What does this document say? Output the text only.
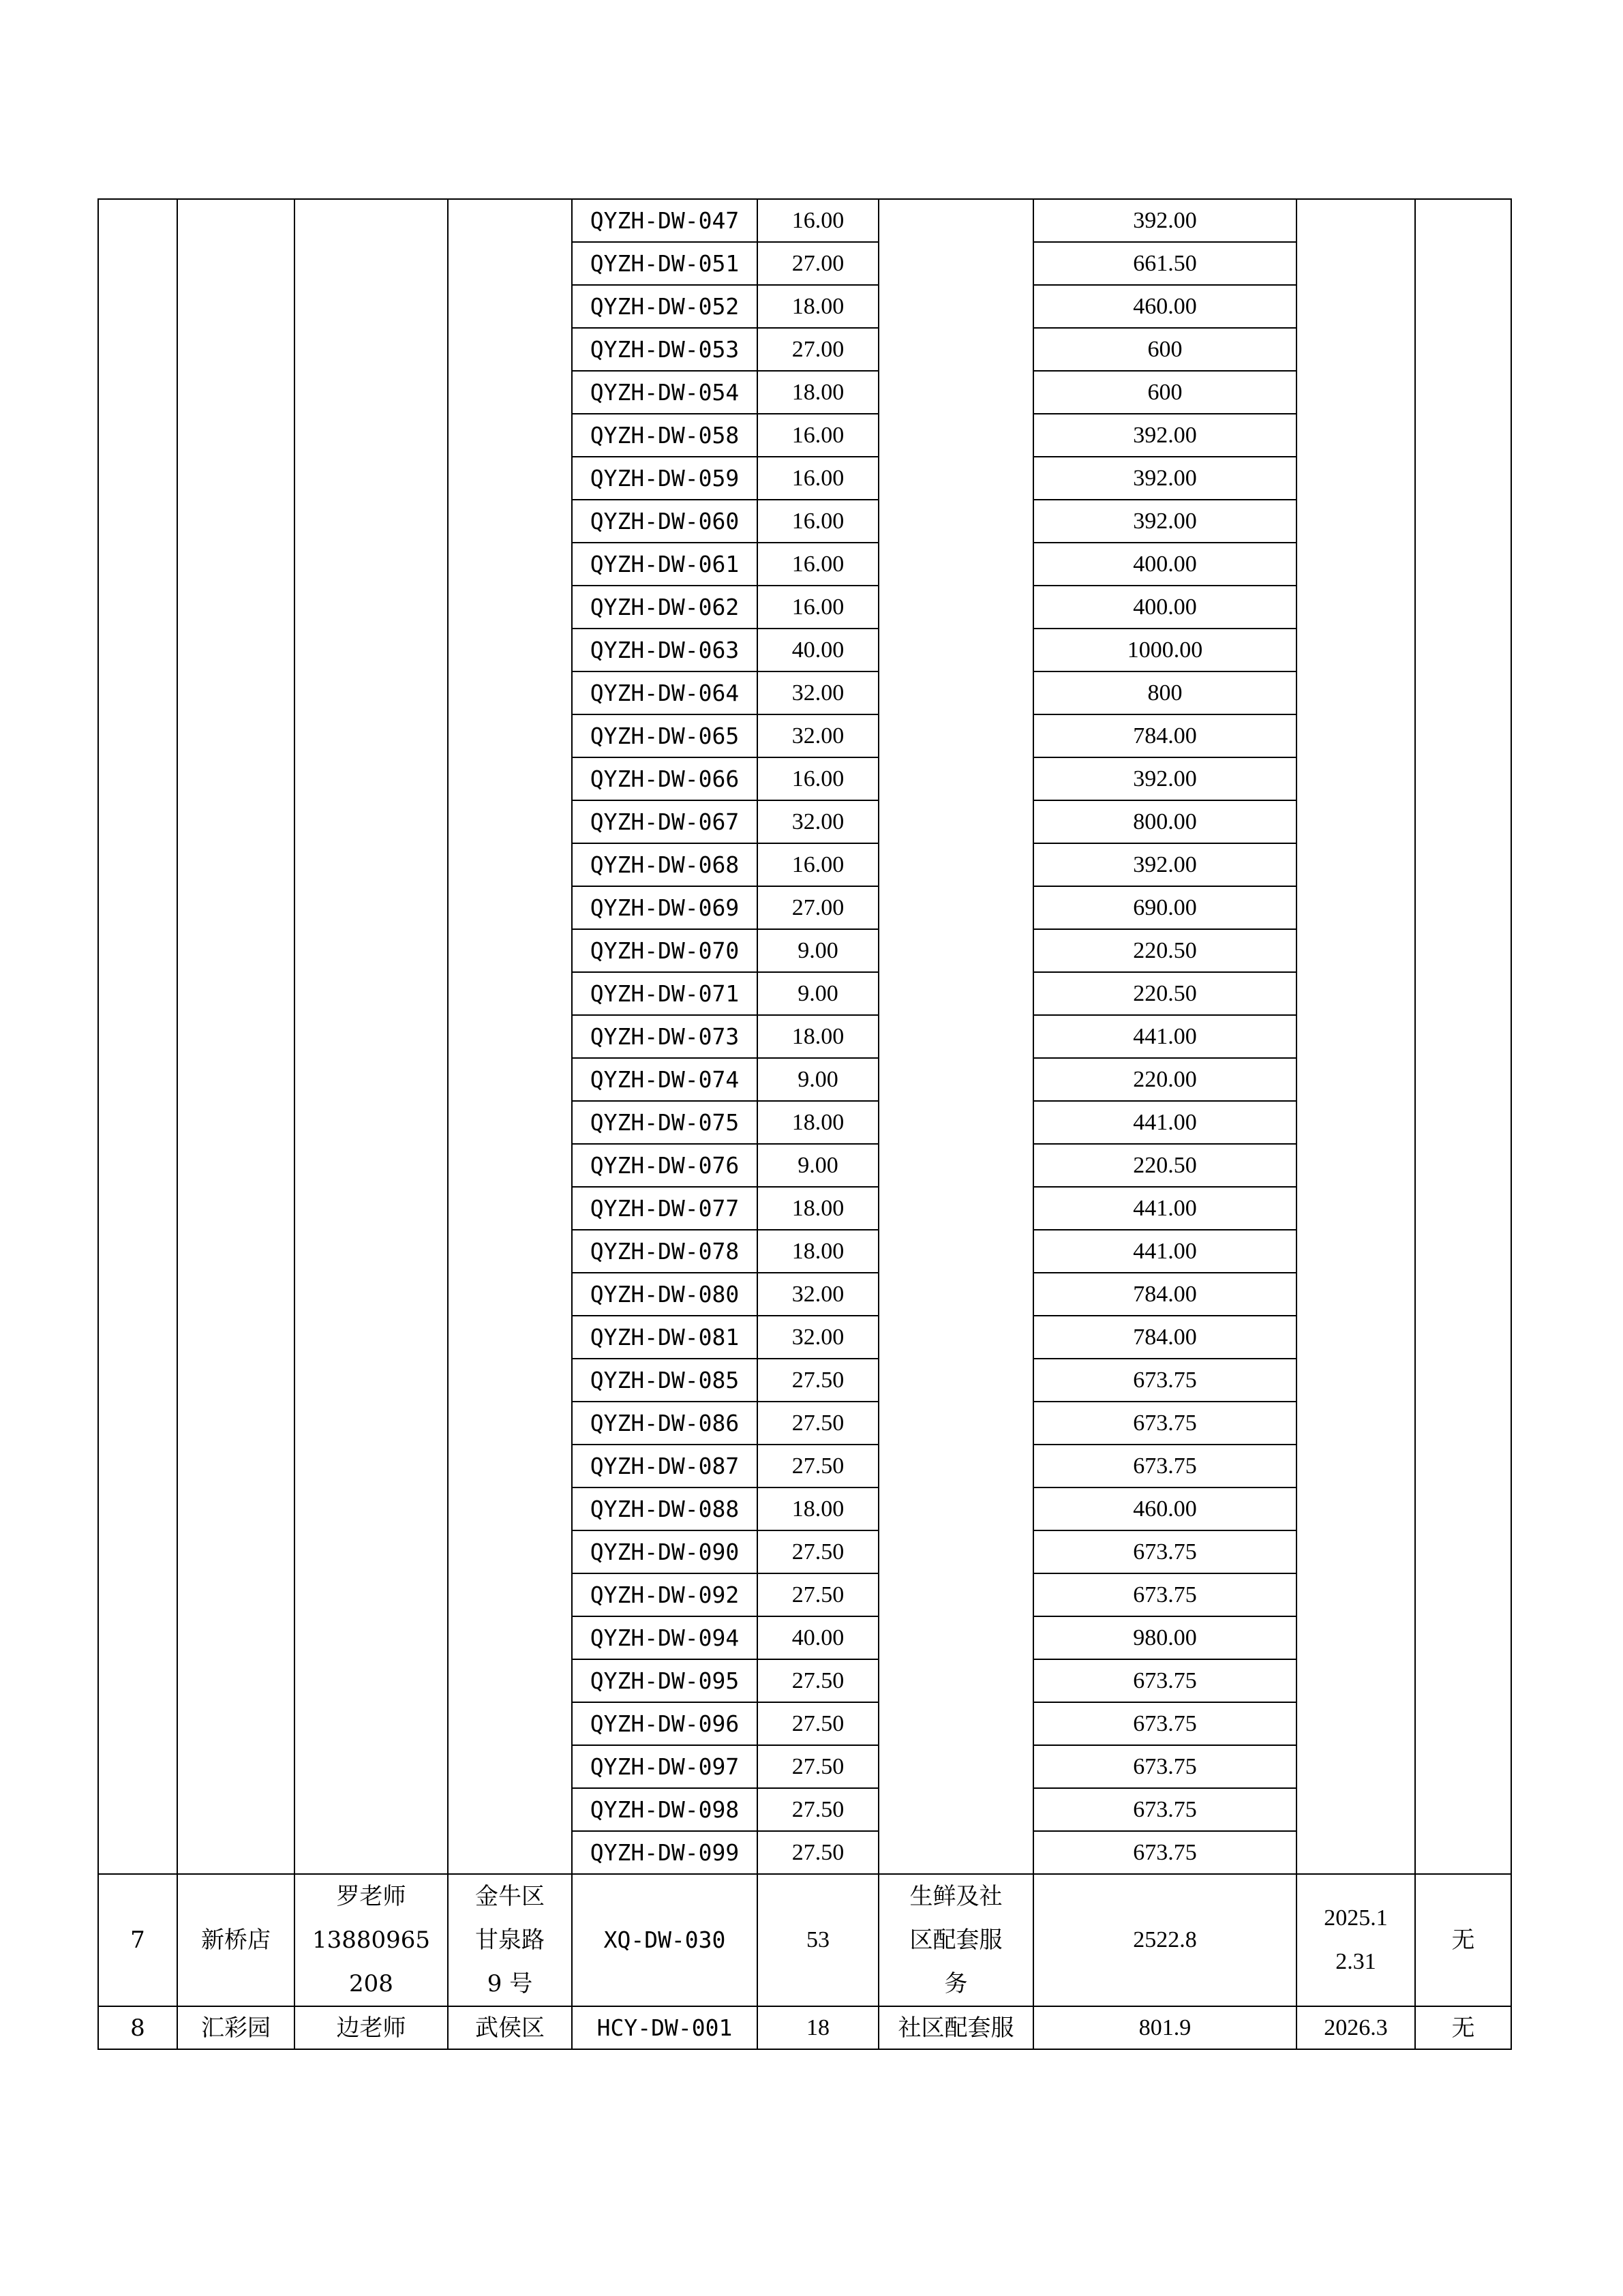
				QYZH-DW-047	16.00		392.00		
				QYZH-DW-051	27.00		661.50		
				QYZH-DW-052	18.00		460.00		
				QYZH-DW-053	27.00		600		
				QYZH-DW-054	18.00		600		
				QYZH-DW-058	16.00		392.00		
				QYZH-DW-059	16.00		392.00		
				QYZH-DW-060	16.00		392.00		
				QYZH-DW-061	16.00		400.00		
				QYZH-DW-062	16.00		400.00		
				QYZH-DW-063	40.00		1000.00		
				QYZH-DW-064	32.00		800		
				QYZH-DW-065	32.00		784.00		
				QYZH-DW-066	16.00		392.00		
				QYZH-DW-067	32.00		800.00		
				QYZH-DW-068	16.00		392.00		
				QYZH-DW-069	27.00		690.00		
				QYZH-DW-070	9.00		220.50		
				QYZH-DW-071	9.00		220.50		
				QYZH-DW-073	18.00		441.00		
				QYZH-DW-074	9.00		220.00		
				QYZH-DW-075	18.00		441.00		
				QYZH-DW-076	9.00		220.50		
				QYZH-DW-077	18.00		441.00		
				QYZH-DW-078	18.00		441.00		
				QYZH-DW-080	32.00		784.00		
				QYZH-DW-081	32.00		784.00		
				QYZH-DW-085	27.50		673.75		
				QYZH-DW-086	27.50		673.75		
				QYZH-DW-087	27.50		673.75		
				QYZH-DW-088	18.00		460.00		
				QYZH-DW-090	27.50		673.75		
				QYZH-DW-092	27.50		673.75		
				QYZH-DW-094	40.00		980.00		
				QYZH-DW-095	27.50		673.75		
				QYZH-DW-096	27.50		673.75		
				QYZH-DW-097	27.50		673.75		
				QYZH-DW-098	27.50		673.75		
				QYZH-DW-099	27.50		673.75		
7	新桥店	罗老师
13880965
208	金牛区
甘泉路
9 号	XQ-DW-030	53	生鲜及社
区配套服
务	2522.8	2025.1
2.31	无
8	汇彩园	边老师	武侯区	HCY-DW-001	18	社区配套服	801.9	2026.3	无
